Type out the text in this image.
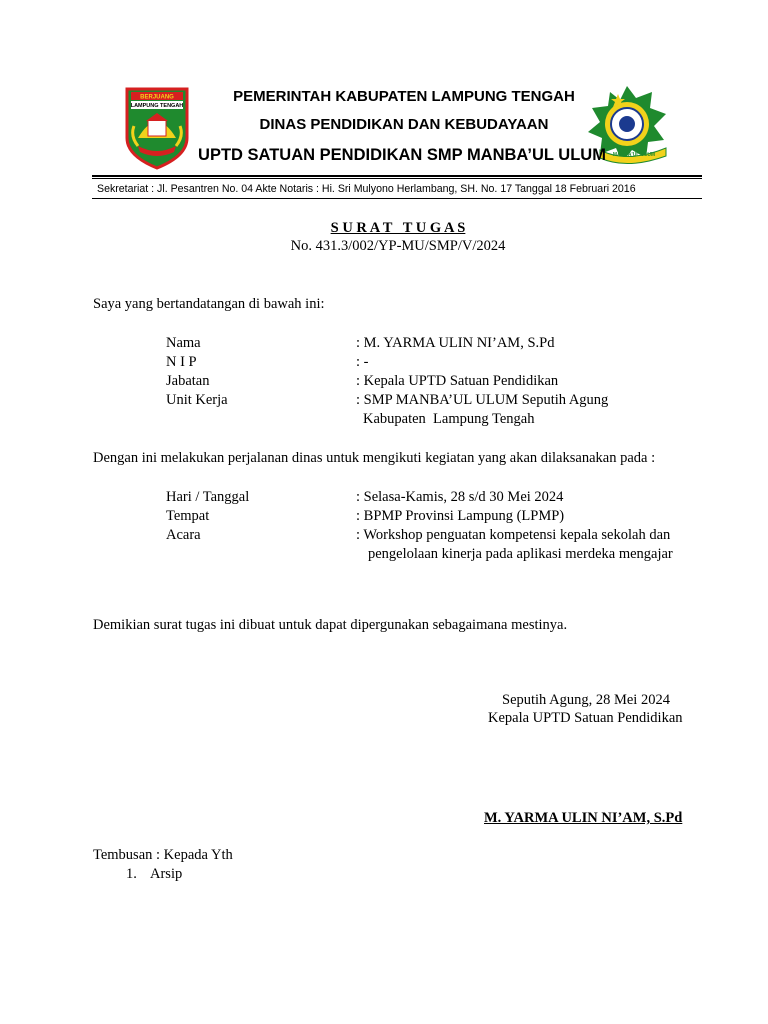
BERJUANG
LAMPUNG TENGAH
MANBA'UL ULUM
PEMERINTAH KABUPATEN LAMPUNG TENGAH
DINAS PENDIDIKAN DAN KEBUDAYAAN
UPTD SATUAN PENDIDIKAN SMP MANBA’UL ULUM
Sekretariat : Jl. Pesantren No. 04 Akte Notaris : Hi. Sri Mulyono Herlambang, SH. No. 17 Tanggal 18 Februari 2016
S U R A T   T U G A S
No. 431.3/002/YP-MU/SMP/V/2024
Saya yang bertandatangan di bawah ini:
Nama	: M. YARMA ULIN NI’AM, S.Pd
N I P	: -
Jabatan	: Kepala UPTD Satuan Pendidikan
Unit Kerja	: SMP MANBA’UL ULUM Seputih Agung
Kabupaten  Lampung Tengah
Dengan ini melakukan perjalanan dinas untuk mengikuti kegiatan yang akan dilaksanakan pada :
Hari / Tanggal	: Selasa-Kamis, 28 s/d 30 Mei 2024
Tempat	: BPMP Provinsi Lampung (LPMP)
Acara	: Workshop penguatan kompetensi kepala sekolah dan
pengelolaan kinerja pada aplikasi merdeka mengajar
Demikian surat tugas ini dibuat untuk dapat dipergunakan sebagaimana mestinya.
Seputih Agung, 28 Mei 2024
Kepala UPTD Satuan Pendidikan
M. YARMA ULIN NI’AM, S.Pd
Tembusan : Kepada Yth
1. Arsip
